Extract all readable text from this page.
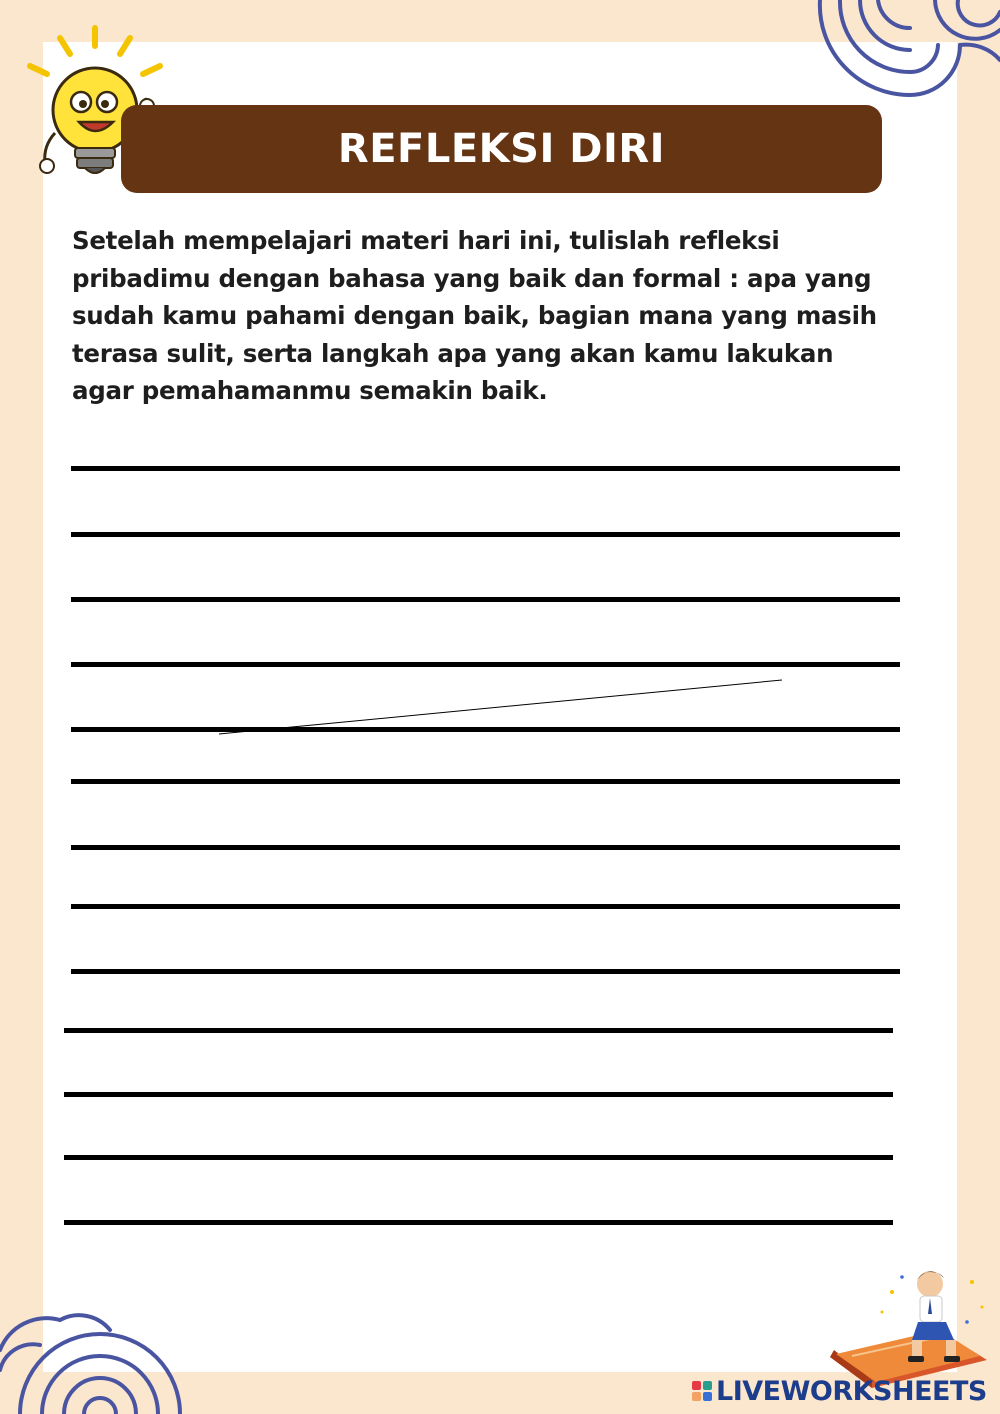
REFLEKSI DIRI

Setelah mempelajari materi hari ini, tulislah refleksi pribadimu dengan bahasa yang baik dan formal : apa yang sudah kamu pahami dengan baik, bagian mana yang masih terasa sulit, serta langkah apa yang akan kamu lakukan agar pemahamanmu semakin baik.

LIVEWORKSHEETS
